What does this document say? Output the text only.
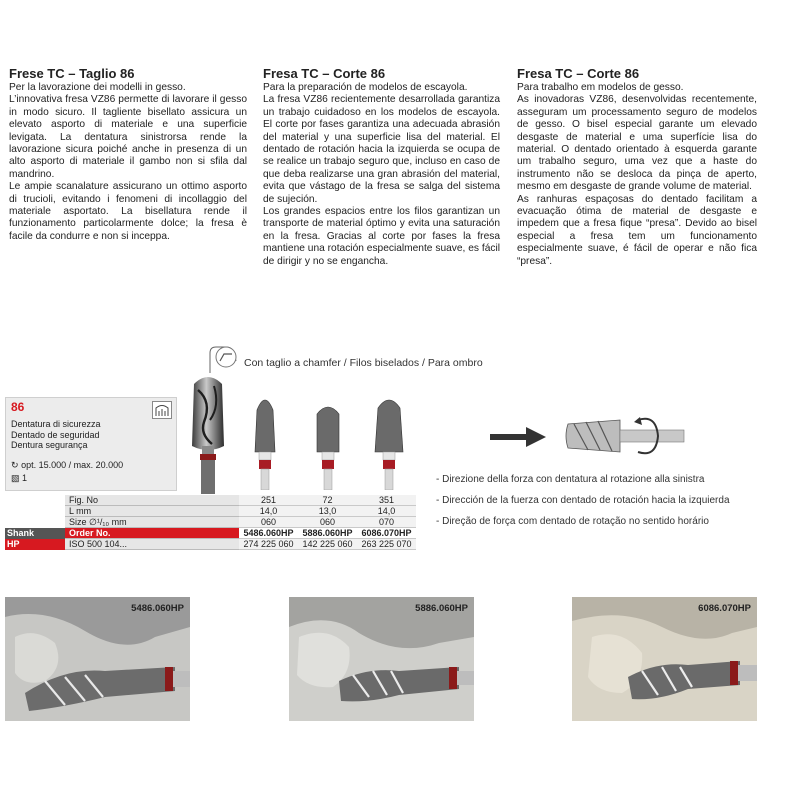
Frese TC – Taglio 86

Per la lavorazione dei modelli in gesso.

L’innovativa fresa VZ86 permette di lavorare il gesso in modo sicuro. Il tagliente bisellato assicura un elevato asporto di materiale e una superficie levigata. La dentatura sinistrorsa rende la lavorazione sicura poiché anche in presenza di un alto asporto di materiale il gambo non si sfila dal mandrino.

Le ampie scanalature assicurano un ottimo asporto di trucioli, evitando i fenomeni di incollaggio del materiale asportato. La bisellatura rende il funzionamento particolarmente dolce; la fresa è facile da condurre e non si inceppa.

Fresa TC – Corte 86

Para la preparación de modelos de escayola.

La fresa VZ86 recientemente desarrollada garantiza un trabajo cuidadoso en los modelos de escayola. El corte por fases garantiza una adecuada abrasión del material y una superficie lisa del material. El dentado de rotación hacia la izquierda se ocupa de se realice un trabajo seguro que, incluso en caso de que deba realizarse una gran abrasión del material, evita que vástago de la fresa se salga del sistema de sujeción.

Los grandes espacios entre los filos garantizan un transporte de material óptimo y evita una saturación en la fresa. Gracias al corte por fases la fresa mantiene una rotación especialmente suave, es fácil de dirigir y no se engancha.

Fresa TC – Corte 86

Para trabalho em modelos de gesso.

As inovadoras VZ86, desenvolvidas recentemente, asseguram um processamento seguro de modelos de gesso. O bisel especial garante um elevado desgaste de material e uma superfície lisa do material. O dentado orientado à esquerda garante um trabalho seguro, uma vez que a haste do instrumento não se desloca da pinça de aperto, mesmo em desgaste de grande volume de material.

As ranhuras espaçosas do dentado facilitam a evacuação ótima de material de desgaste e impedem que a fresa fique “presa”. Devido ao bisel especial a fresa tem um funcionamento especialmente suave, é fácil de operar e não fica “presa”.

Con taglio a chamfer / Filos biselados / Para ombro
86
Dentatura di sicurezza
Dentado de seguridad
Dentura segurança
↻ opt. 15.000 / max. 20.000
▧ 1
	Fig. No	251	72	351
	L mm	14,0	13,0	14,0
	Size ∅¹/₁₀ mm	060	060	070
Shank	Order No.	5486.060HP	5886.060HP	6086.070HP
HP	ISO 500 104...	274 225 060	142 225 060	263 225 070
- Direzione della forza con dentatura al rotazione alla sinistra
- Dirección de la fuerza con dentado de rotación hacia la izquierda
- Direção de força com dentado de rotação no sentido horário
5486.060HP	5886.060HP	6086.070HP
